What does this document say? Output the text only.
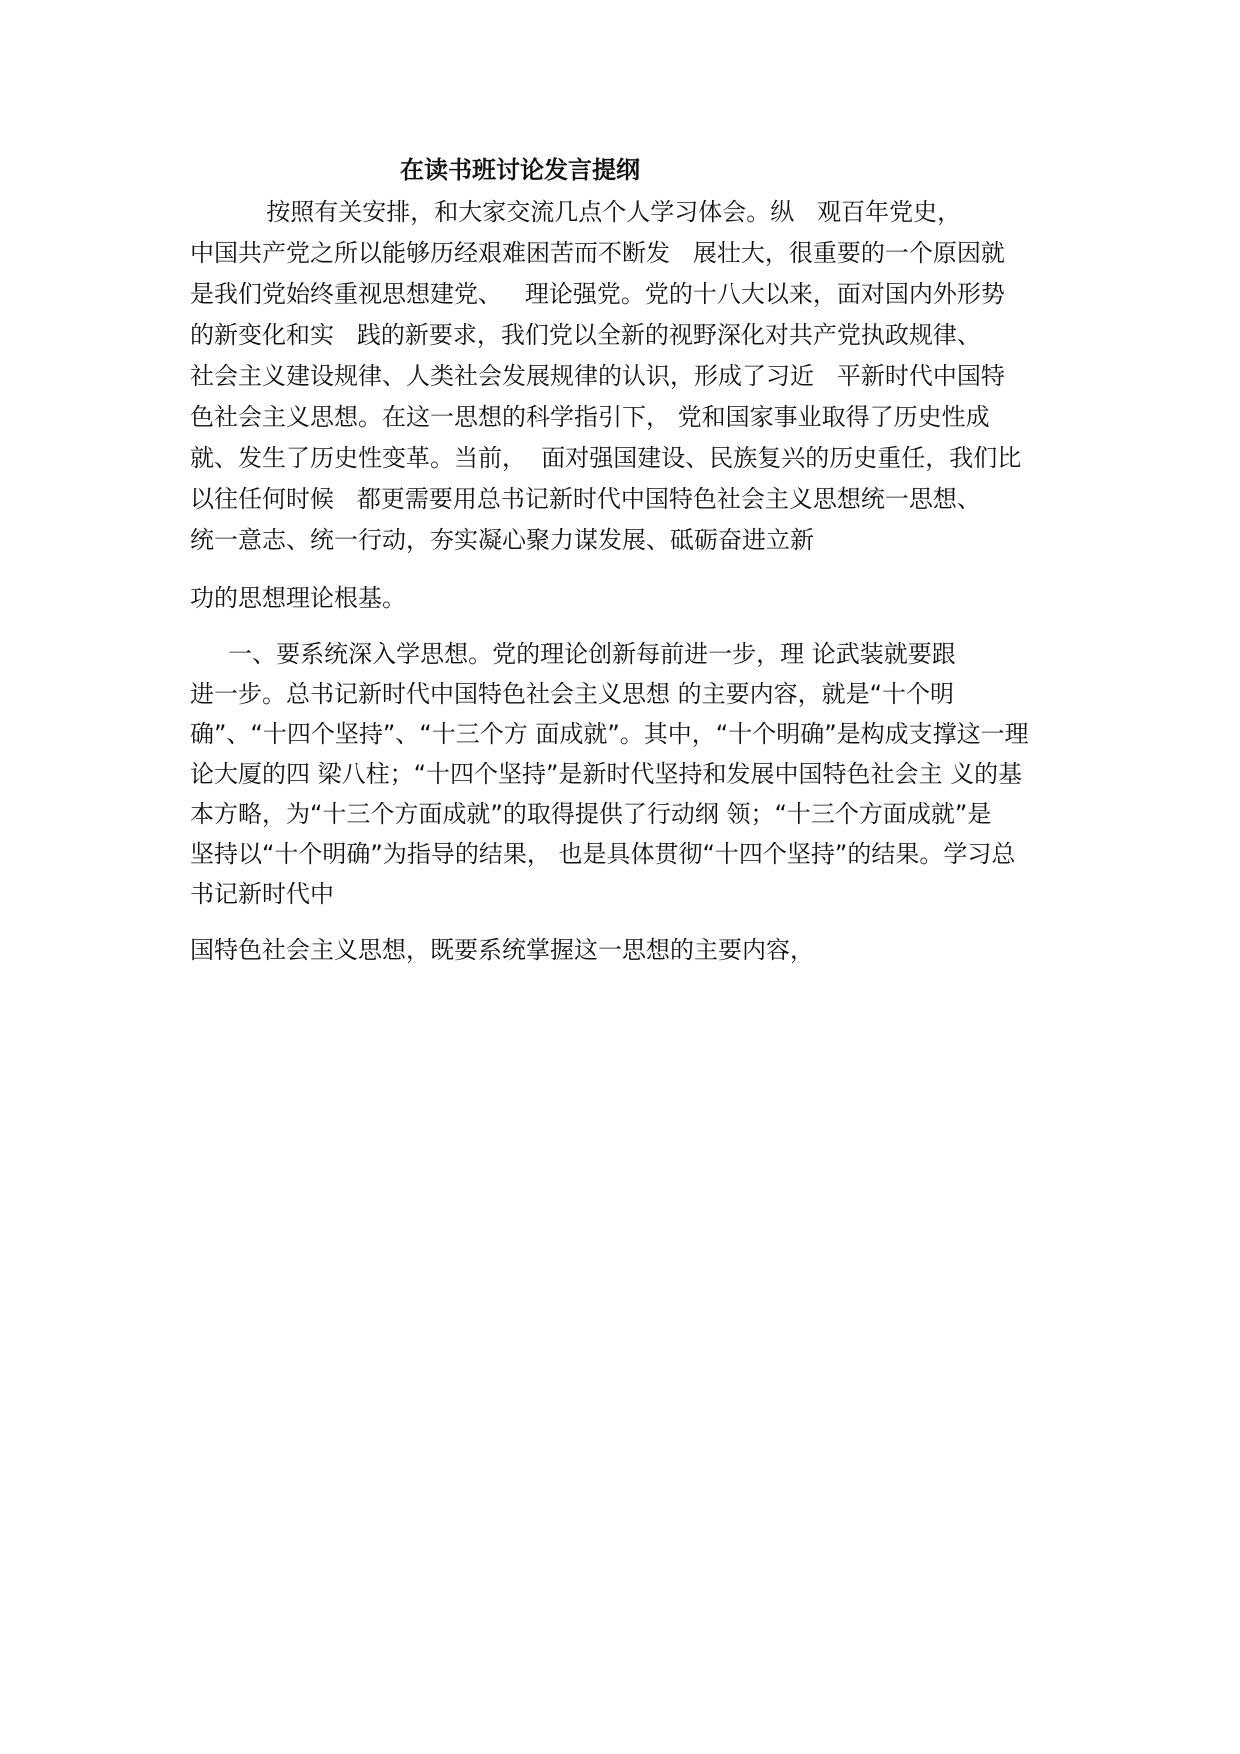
在读书班讨论发言提纲
按照有关安排，和大家交流几点个人学习体会。纵   观百年党史，
中国共产党之所以能够历经艰难困苦而不断发   展壮大，很重要的一个原因就
是我们党始终重视思想建党、   理论强党。党的十八大以来，面对国内外形势
的新变化和实   践的新要求，我们党以全新的视野深化对共产党执政规律、
社会主义建设规律、人类社会发展规律的认识，形成了习近   平新时代中国特
色社会主义思想。在这一思想的科学指引下， 党和国家事业取得了历史性成
就、发生了历史性变革。当前，  面对强国建设、民族复兴的历史重任，我们比
以往任何时候   都更需要用总书记新时代中国特色社会主义思想统一思想、
统一意志、统一行动，夯实凝心聚力谋发展、砥砺奋进立新
功的思想理论根基。
一、要系统深入学思想。党的理论创新每前进一步，理 论武装就要跟
进一步。总书记新时代中国特色社会主义思想 的主要内容，就是“十个明
确”、“十四个坚持”、“十三个方 面成就”。其中，“十个明确”是构成支撑这一理
论大厦的四 梁八柱；“十四个坚持”是新时代坚持和发展中国特色社会主 义的基
本方略，为“十三个方面成就”的取得提供了行动纲 领；“十三个方面成就”是
坚持以“十个明确”为指导的结果， 也是具体贯彻“十四个坚持”的结果。学习总
书记新时代中
国特色社会主义思想，既要系统掌握这一思想的主要内容，
